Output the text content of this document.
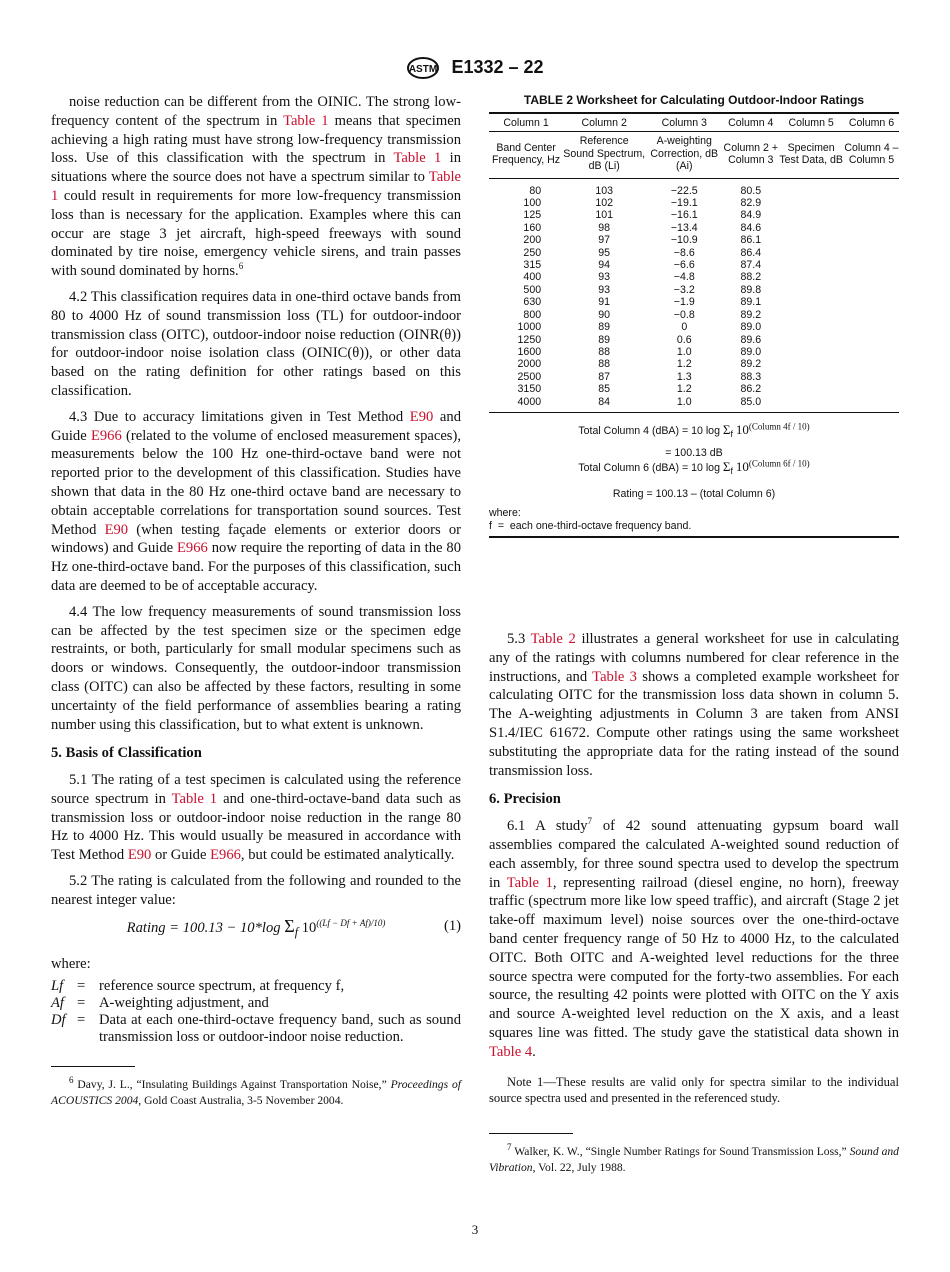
ASTM E1332 – 22

noise reduction can be different from the OINIC. The strong low-frequency content of the spectrum in Table 1 means that specimen achieving a high rating must have strong low-frequency transmission loss. Use of this classification with the spectrum in Table 1 in situations where the source does not have a spectrum similar to Table 1 could result in requirements for more low-frequency transmission loss than is necessary for the application. Examples where this can occur are stage 3 jet aircraft, high-speed freeways with sound dominated by tire noise, emergency vehicle sirens, and train passes with sound dominated by horns.$^6$

4.2 This classification requires data in one-third octave bands from 80 to 4000 Hz of sound transmission loss (TL) for outdoor-indoor transmission class (OITC), outdoor-indoor noise reduction (OINR(θ)) for outdoor-indoor noise isolation class (OINIC(θ)), or other data based on the rating definition for other ratings based on this classification.

4.3 Due to accuracy limitations given in Test Method E90 and Guide E966 (related to the volume of enclosed measurement spaces), measurements below the 100 Hz one-third-octave band were not reported prior to the development of this classification. Studies have shown that data in the 80 Hz one-third octave band are necessary to obtain acceptable correlations for transportation sound sources. Test Method E90 (when testing façade elements or exterior doors or windows) and Guide E966 now require the reporting of data in the 80 Hz one-third-octave band. For the purposes of this classification, such data are deemed to be of acceptable accuracy.

4.4 The low frequency measurements of sound transmission loss can be affected by the test specimen size or the specimen edge restraints, or both, particularly for small modular specimens such as doors or windows. Consequently, the outdoor-indoor transmission class (OITC) can also be affected by these factors, resulting in some uncertainty of the field performance of assemblies bearing a rating number using this classification, but to what extent is unknown.

5. Basis of Classification

5.1 The rating of a test specimen is calculated using the reference source spectrum in Table 1 and one-third-octave-band data such as transmission loss or outdoor-indoor noise reduction in the range 80 Hz to 4000 Hz. This would usually be measured in accordance with Test Method E90 or Guide E966, but could be estimated analytically.

5.2 The rating is calculated from the following and rounded to the nearest integer value:

Rating = 100.13 − 10*log $\Sigma_f$ $10^{((Lf - Df + Af)/10)}$	(1)
where:
Lf = reference source spectrum, at frequency f,
Af = A-weighting adjustment, and
Df = Data at each one-third-octave frequency band, such as sound transmission loss or outdoor-indoor noise reduction.
$^6$ Davy, J. L., “Insulating Buildings Against Transportation Noise,” Proceedings of ACOUSTICS 2004, Gold Coast Australia, 3-5 November 2004.
TABLE 2 Worksheet for Calculating Outdoor-Indoor Ratings
Column 1	Column 2	Column 3	Column 4	Column 5	Column 6
Band Center Frequency, Hz	Reference Sound Spectrum, dB (Li)	A-weighting Correction, dB (Ai)	Column 2 + Column 3	Specimen Test Data, dB	Column 4 – Column 5
80	103	−22.5	80.5		
100	102	−19.1	82.9		
125	101	−16.1	84.9		
160	98	−13.4	84.6		
200	97	−10.9	86.1		
250	95	−8.6	86.4		
315	94	−6.6	87.4		
400	93	−4.8	88.2		
500	93	−3.2	89.8		
630	91	−1.9	89.1		
800	90	−0.8	89.2		
1000	89	0	89.0		
1250	89	0.6	89.6		
1600	88	1.0	89.0		
2000	88	1.2	89.2		
2500	87	1.3	88.3		
3150	85	1.2	86.2		
4000	84	1.0	85.0		
Total Column 4 (dBA) = 10 $\log \Sigma_f$ $10^{(Column 4f / 10)}$
= 100.13 dB
Total Column 6 (dBA) = 10 $\log \Sigma_f$ $10^{(Column 6f / 10)}$
Rating = 100.13 – (total Column 6)
where:
f  =  each one-third-octave frequency band.

5.3 Table 2 illustrates a general worksheet for use in calculating any of the ratings with columns numbered for clear reference in the instructions, and Table 3 shows a completed example worksheet for calculating OITC for the transmission loss data shown in column 5. The A-weighting adjustments in Column 3 are taken from ANSI S1.4/IEC 61672. Compute other ratings using the same worksheet substituting the appropriate data for the rating instead of the sound transmission loss.

6. Precision

6.1 A study$^7$ of 42 sound attenuating gypsum board wall assemblies compared the calculated A-weighted sound reduction of each assembly, for three sound spectra used to develop the spectrum in Table 1, representing railroad (diesel engine, no horn), freeway traffic (spectrum more like low speed traffic), and aircraft (Stage 2 jet take-off maximum level) noise sources over the one-third-octave band center frequency range of 50 Hz to 4000 Hz, to the calculated OITC. Both OITC and A-weighted level reductions for the three source spectra were computed for the forty-two assemblies. For each source, the resulting 42 points were plotted with OITC on the Y axis and source A-weighted level reduction on the X axis, and a least squares line was fitted. The study gave the statistical data shown in Table 4.

Note 1—These results are valid only for spectra similar to the individual source spectra used and presented in the referenced study.

$^7$ Walker, K. W., “Single Number Ratings for Sound Transmission Loss,” Sound and Vibration, Vol. 22, July 1988.
3
